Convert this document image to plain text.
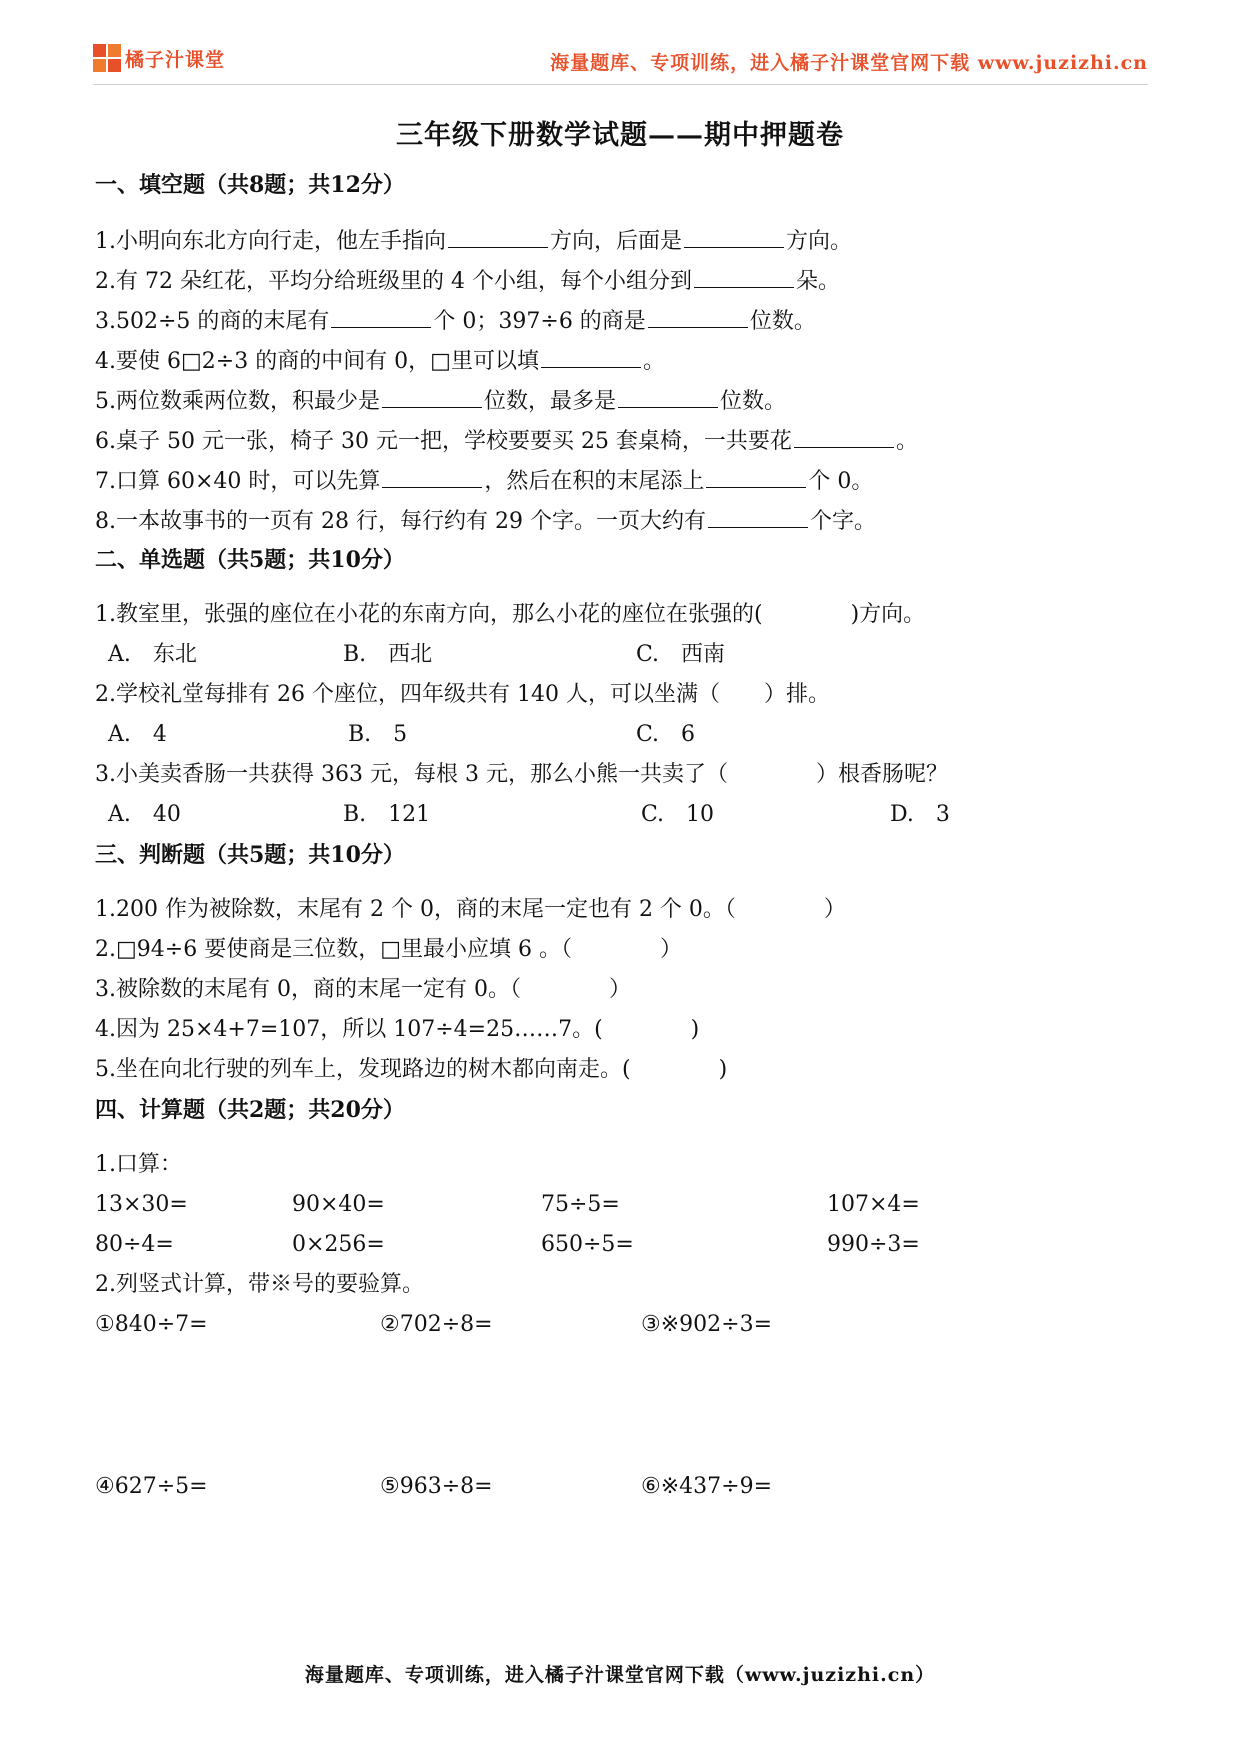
橘子汁课堂	海量题库、专项训练，进入橘子汁课堂官网下载 www.juzizhi.cn
三年级下册数学试题——期中押题卷
一、填空题（共8题；共12分）
1.小明向东北方向行走，他左手指向	方向，后面是	方向。
2.有 72 朵红花，平均分给班级里的 4 个小组，每个小组分到	朵。
3.502÷5 的商的末尾有	个 0；397÷6 的商是	位数。
4.要使 6□2÷3 的商的中间有 0，□里可以填	。
5.两位数乘两位数，积最少是	位数，最多是	位数。
6.桌子 50 元一张，椅子 30 元一把，学校要要买 25 套桌椅，一共要花	。
7.口算 60×40 时，可以先算	，然后在积的末尾添上	个 0。
8.一本故事书的一页有 28 行，每行约有 29 个字。一页大约有	个字。
二、单选题（共5题；共10分）
1.教室里，张强的座位在小花的东南方向，那么小花的座位在张强的(　　　　)方向。
A.　东北	B.　西北	C.　西南
2.学校礼堂每排有 26 个座位，四年级共有 140 人，可以坐满（　　）排。
A.　4	B.　5	C.　6
3.小美卖香肠一共获得 363 元，每根 3 元，那么小熊一共卖了（　　　　）根香肠呢？
A.　40	B.　121	C.　10	D.　3
三、判断题（共5题；共10分）
1.200 作为被除数，末尾有 2 个 0，商的末尾一定也有 2 个 0。（　　　　）
2.□94÷6 要使商是三位数，□里最小应填 6 。（　　　　）
3.被除数的末尾有 0，商的末尾一定有 0。（　　　　）
4.因为 25×4+7=107，所以 107÷4=25……7。(　　　　)
5.坐在向北行驶的列车上，发现路边的树木都向南走。(　　　　)
四、计算题（共2题；共20分）
1.口算：
13×30=	90×40=	75÷5=	107×4=
80÷4=	0×256=	650÷5=	990÷3=
2.列竖式计算，带※号的要验算。
①840÷7=	②702÷8=	③※902÷3=
④627÷5=	⑤963÷8=	⑥※437÷9=
海量题库、专项训练，进入橘子汁课堂官网下载（www.juzizhi.cn）
